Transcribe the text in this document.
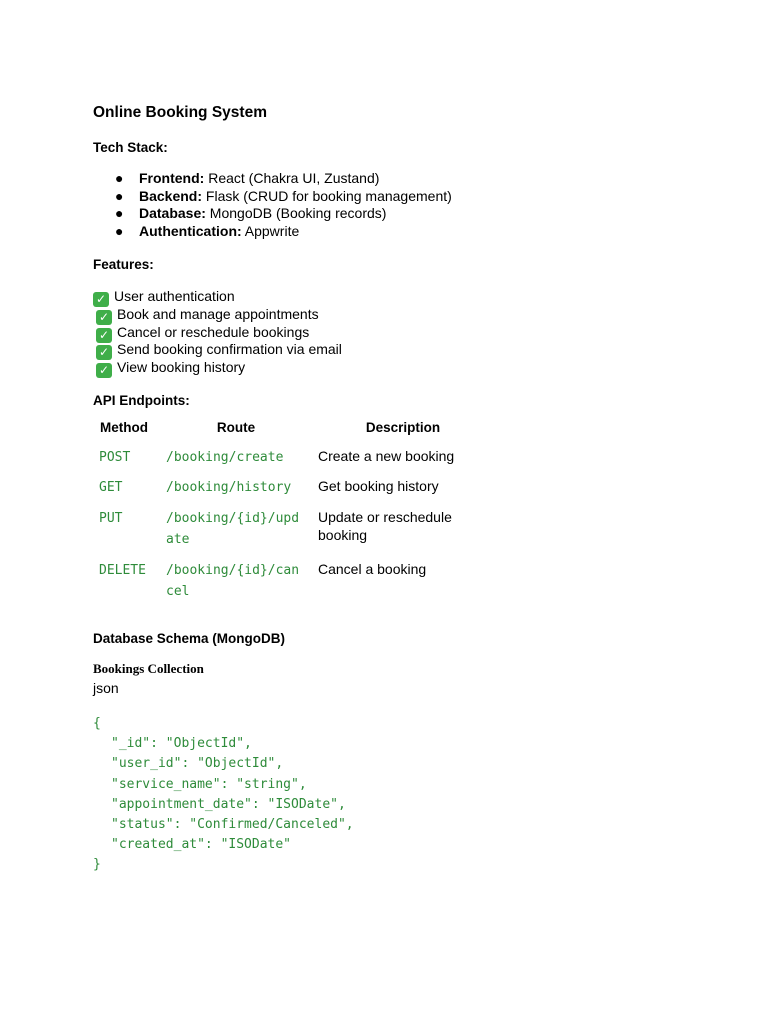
Online Booking System
Tech Stack:
● Frontend: React (Chakra UI, Zustand)
● Backend: Flask (CRUD for booking management)
● Database: MongoDB (Booking records)
● Authentication: Appwrite
Features:
✓ User authentication
✓ Book and manage appointments
✓ Cancel or reschedule bookings
✓ Send booking confirmation via email
✓ View booking history
API Endpoints:
Method	Route	Description
POST	/booking/create	Create a new booking
GET	/booking/history	Get booking history
PUT	/booking/{id}/update	Update or reschedule booking
DELETE	/booking/{id}/cancel	Cancel a booking
Database Schema (MongoDB)
Bookings Collection
json
{
"_id": "ObjectId",
"user_id": "ObjectId",
"service_name": "string",
"appointment_date": "ISODate",
"status": "Confirmed/Canceled",
"created_at": "ISODate"
}
